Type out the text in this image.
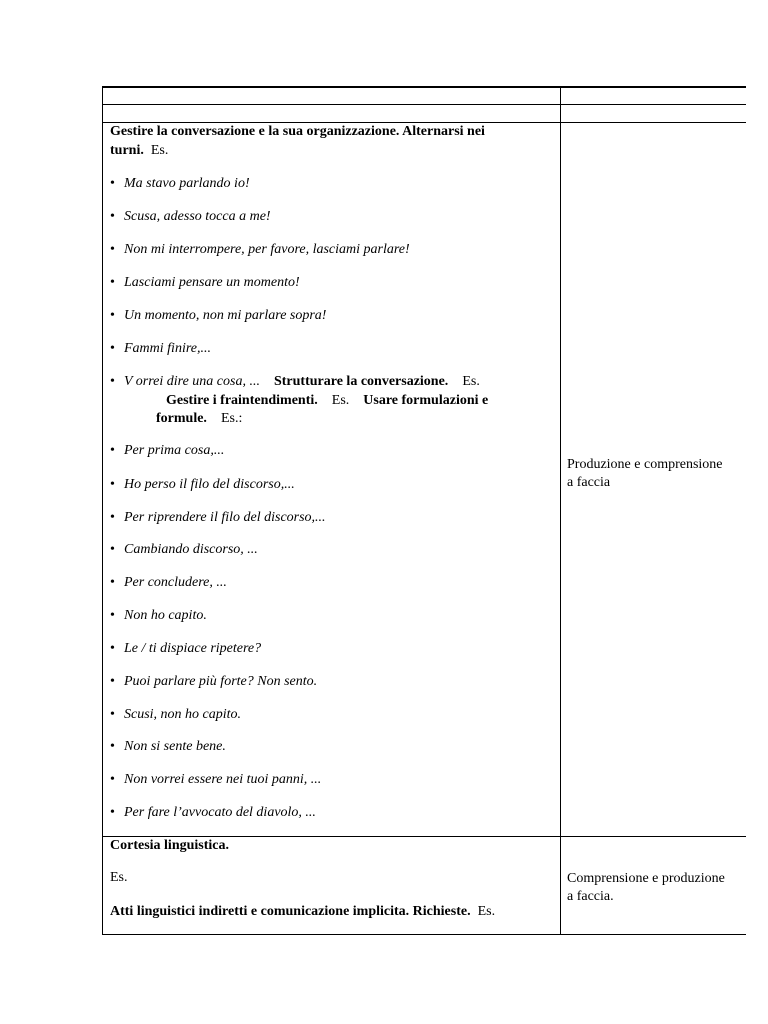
Gestire la conversazione e la sua organizzazione. Alternarsi nei
turni. Es.
• Ma stavo parlando io!
• Scusa, adesso tocca a me!
• Non mi interrompere, per favore, lasciami parlare!
• Lasciami pensare un momento!
• Un momento, non mi parlare sopra!
• Fammi finire,...
• V orrei dire una cosa, ... Strutturare la conversazione. Es.
Gestire i fraintendimenti. Es. Usare formulazioni e
formule. Es.:
• Per prima cosa,...
• Ho perso il filo del discorso,...
• Per riprendere il filo del discorso,...
• Cambiando discorso, ...
• Per concludere, ...
• Non ho capito.
• Le / ti dispiace ripetere?
• Puoi parlare più forte? Non sento.
• Scusi, non ho capito.
• Non si sente bene.
• Non vorrei essere nei tuoi panni, ...
• Per fare l’avvocato del diavolo, ...
Produzione e comprensione
a faccia
Cortesia linguistica.
Es.
Atti linguistici indiretti e comunicazione implicita. Richieste. Es.
Comprensione e produzione
a faccia.
